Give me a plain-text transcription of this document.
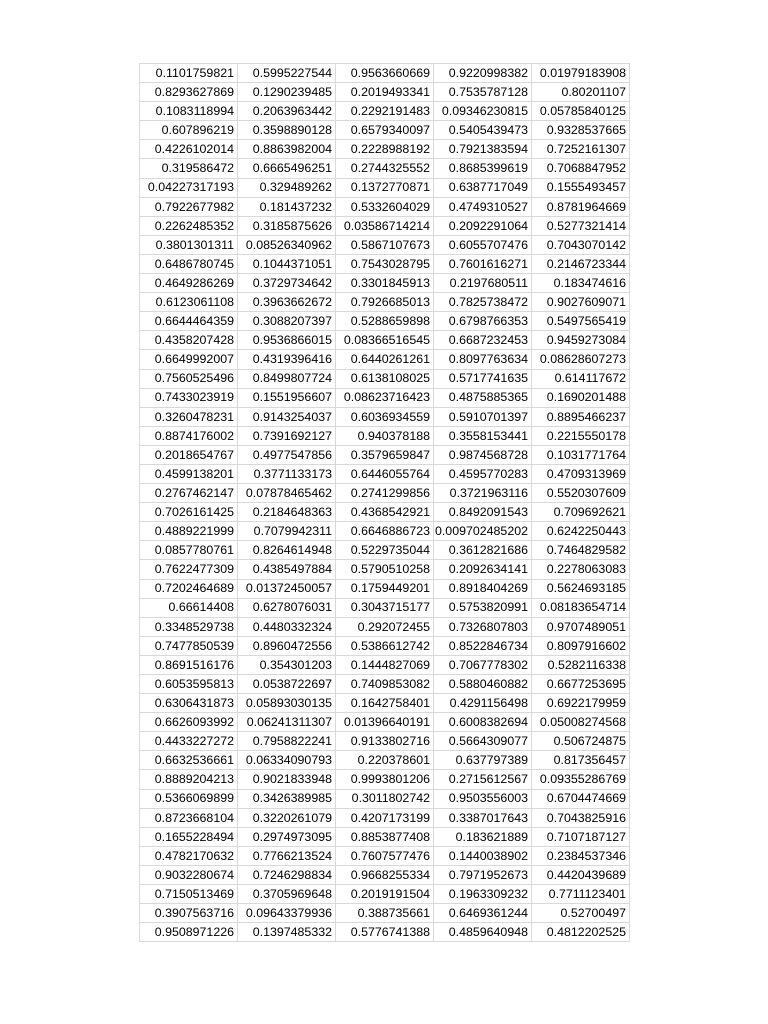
0.1101759821	0.5995227544	0.9563660669	0.9220998382	0.01979183908
0.8293627869	0.1290239485	0.2019493341	0.7535787128	0.80201107
0.1083118994	0.2063963442	0.2292191483	0.09346230815	0.05785840125
0.607896219	0.3598890128	0.6579340097	0.5405439473	0.9328537665
0.4226102014	0.8863982004	0.2228988192	0.7921383594	0.7252161307
0.319586472	0.6665496251	0.2744325552	0.8685399619	0.7068847952
0.04227317193	0.329489262	0.1372770871	0.6387717049	0.1555493457
0.7922677982	0.181437232	0.5332604029	0.4749310527	0.8781964669
0.2262485352	0.3185875626	0.03586714214	0.2092291064	0.5277321414
0.3801301311	0.08526340962	0.5867107673	0.6055707476	0.7043070142
0.6486780745	0.1044371051	0.7543028795	0.7601616271	0.2146723344
0.4649286269	0.3729734642	0.3301845913	0.2197680511	0.183474616
0.6123061108	0.3963662672	0.7926685013	0.7825738472	0.9027609071
0.6644464359	0.3088207397	0.5288659898	0.6798766353	0.5497565419
0.4358207428	0.9536866015	0.08366516545	0.6687232453	0.9459273084
0.6649992007	0.4319396416	0.6440261261	0.8097763634	0.08628607273
0.7560525496	0.8499807724	0.6138108025	0.5717741635	0.614117672
0.7433023919	0.1551956607	0.08623716423	0.4875885365	0.1690201488
0.3260478231	0.9143254037	0.6036934559	0.5910701397	0.8895466237
0.8874176002	0.7391692127	0.940378188	0.3558153441	0.2215550178
0.2018654767	0.4977547856	0.3579659847	0.9874568728	0.1031771764
0.4599138201	0.3771133173	0.6446055764	0.4595770283	0.4709313969
0.2767462147	0.07878465462	0.2741299856	0.3721963116	0.5520307609
0.7026161425	0.2184648363	0.4368542921	0.8492091543	0.709692621
0.4889221999	0.7079942311	0.6646886723	0.009702485202	0.6242250443
0.0857780761	0.8264614948	0.5229735044	0.3612821686	0.7464829582
0.7622477309	0.4385497884	0.5790510258	0.2092634141	0.2278063083
0.7202464689	0.01372450057	0.1759449201	0.8918404269	0.5624693185
0.66614408	0.6278076031	0.3043715177	0.5753820991	0.08183654714
0.3348529738	0.4480332324	0.292072455	0.7326807803	0.9707489051
0.7477850539	0.8960472556	0.5386612742	0.8522846734	0.8097916602
0.8691516176	0.354301203	0.1444827069	0.7067778302	0.5282116338
0.6053595813	0.0538722697	0.7409853082	0.5880460882	0.6677253695
0.6306431873	0.05893030135	0.1642758401	0.4291156498	0.6922179959
0.6626093992	0.06241311307	0.01396640191	0.6008382694	0.05008274568
0.4433227272	0.7958822241	0.9133802716	0.5664309077	0.506724875
0.6632536661	0.06334090793	0.220378601	0.637797389	0.817356457
0.8889204213	0.9021833948	0.9993801206	0.2715612567	0.09355286769
0.5366069899	0.3426389985	0.3011802742	0.9503556003	0.6704474669
0.8723668104	0.3220261079	0.4207173199	0.3387017643	0.7043825916
0.1655228494	0.2974973095	0.8853877408	0.183621889	0.7107187127
0.4782170632	0.7766213524	0.7607577476	0.1440038902	0.2384537346
0.9032280674	0.7246298834	0.9668255334	0.7971952673	0.4420439689
0.7150513469	0.3705969648	0.2019191504	0.1963309232	0.7711123401
0.3907563716	0.09643379936	0.388735661	0.6469361244	0.52700497
0.9508971226	0.1397485332	0.5776741388	0.4859640948	0.4812202525
